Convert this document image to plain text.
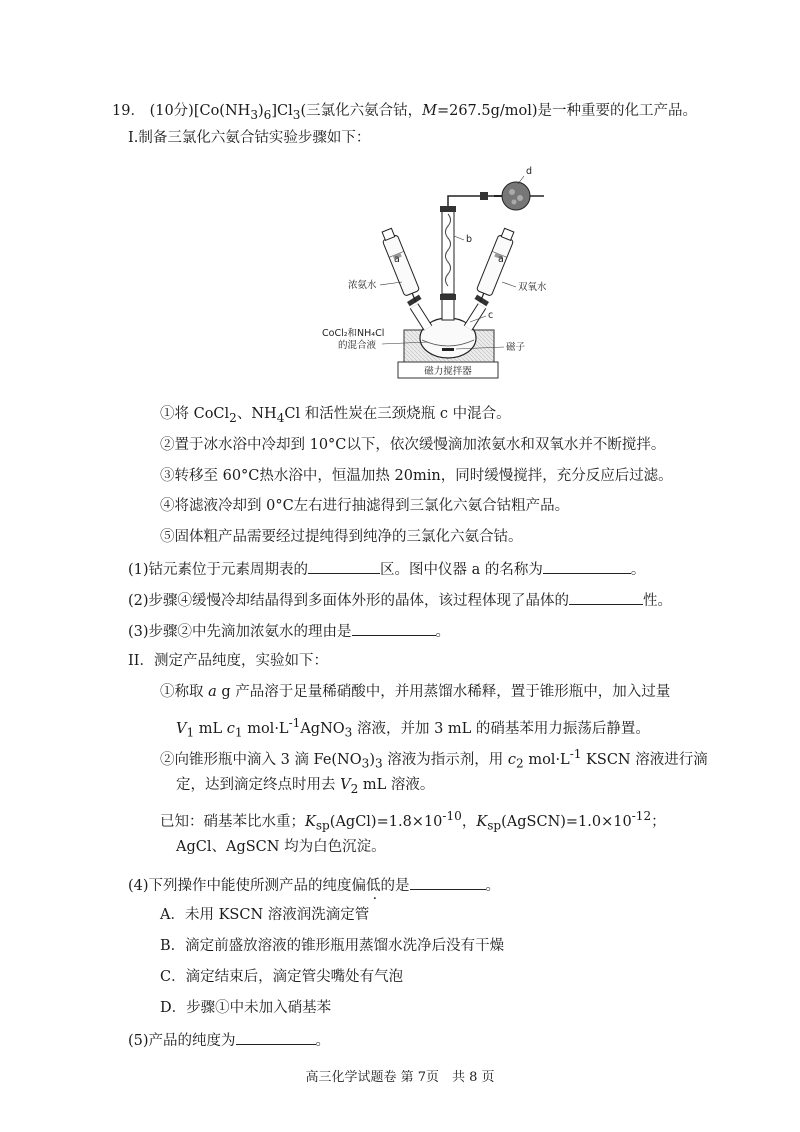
19． (10分)$[Co(NH_3)_6]Cl_3$(三氯化六氨合钴，M=267.5g/mol)是一种重要的化工产品。
I.制备三氯化六氨合钴实验步骤如下：
磁力搅拌器
d
b
a
浓氨水
a
双氧水
c
CoCl₂和NH₄Cl
的混合液	磁子
①将 CoCl$_2$、$NH_4Cl$ 和活性炭在三颈烧瓶 c 中混合。
②置于冰水浴中冷却到 10°C以下，依次缓慢滴加浓氨水和双氧水并不断搅拌。
③转移至 60°C热水浴中，恒温加热 20min，同时缓慢搅拌，充分反应后过滤。
④将滤液冷却到 0°C左右进行抽滤得到三氯化六氨合钴粗产品。
⑤固体粗产品需要经过提纯得到纯净的三氯化六氨合钴。
(1)钴元素位于元素周期表的	区。图中仪器 a 的名称为	。
(2)步骤④缓慢冷却结晶得到多面体外形的晶体，该过程体现了晶体的	性。
(3)步骤②中先滴加浓氨水的理由是	。
II．测定产品纯度，实验如下：
①称取 a g 产品溶于足量稀硝酸中，并用蒸馏水稀释，置于锥形瓶中，加入过量
$V_1$ mL $c_1$ $mol\cdot L^{-1}AgNO_3$ 溶液，并加 3 mL 的硝基苯用力振荡后静置。
②向锥形瓶中滴入 3 滴 $Fe(NO_3)_3$ 溶液为指示剂，用 $c_2$ $mol\cdot L^{-1}$ KSCN 溶液进行滴
定，达到滴定终点时用去 $V_2$ mL 溶液。
已知：硝基苯比水重；$K_{sp}(AgCl)=1.8\times 10^{-10}$，$K_{sp}(AgSCN)=1.0\times 10^{-12}$；
AgCl、AgSCN 均为白色沉淀。
(4)下列操作中能使所测产品的纯度偏低的是	。
A．未用 KSCN 溶液润洗滴定管
B．滴定前盛放溶液的锥形瓶用蒸馏水洗净后没有干燥
C．滴定结束后，滴定管尖嘴处有气泡
D．步骤①中未加入硝基苯
(5)产品的纯度为	。
高三化学试题卷 第 7页　共 8 页
